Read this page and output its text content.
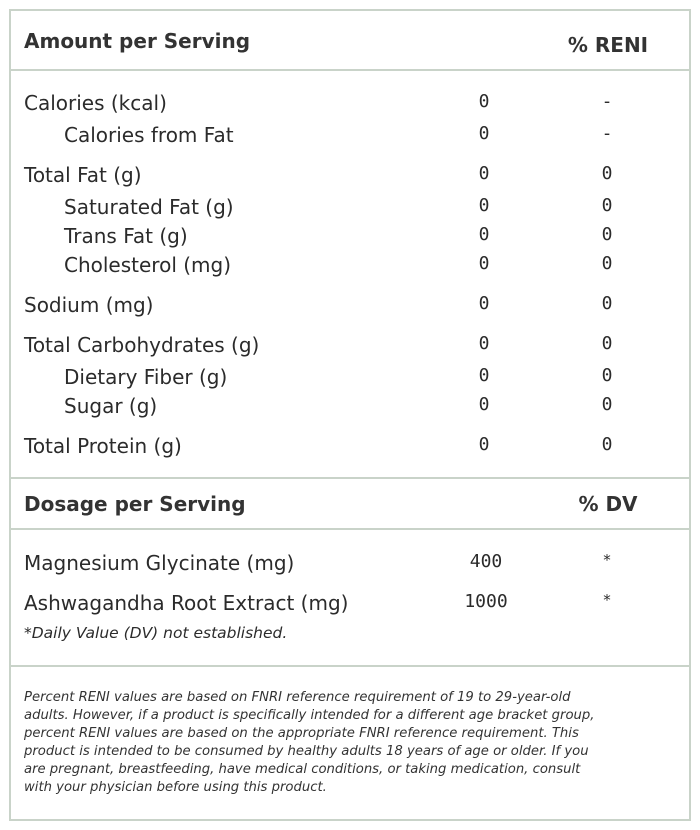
Amount per Serving	% RENI
Calories (kcal)	0	-
Calories from Fat	0	-
Total Fat (g)	0	0
Saturated Fat (g)	0	0
Trans Fat (g)	0	0
Cholesterol (mg)	0	0
Sodium (mg)	0	0
Total Carbohydrates (g)	0	0
Dietary Fiber (g)	0	0
Sugar (g)	0	0
Total Protein (g)	0	0
Dosage per Serving	% DV
Magnesium Glycinate (mg)	400	*
Ashwagandha Root Extract (mg)	1000	*
*Daily Value (DV) not established.
Percent RENI values are based on FNRI reference requirement of 19 to 29-year-old
adults. However, if a product is specifically intended for a different age bracket group,
percent RENI values are based on the appropriate FNRI reference requirement. This
product is intended to be consumed by healthy adults 18 years of age or older. If you
are pregnant, breastfeeding, have medical conditions, or taking medication, consult
with your physician before using this product.
